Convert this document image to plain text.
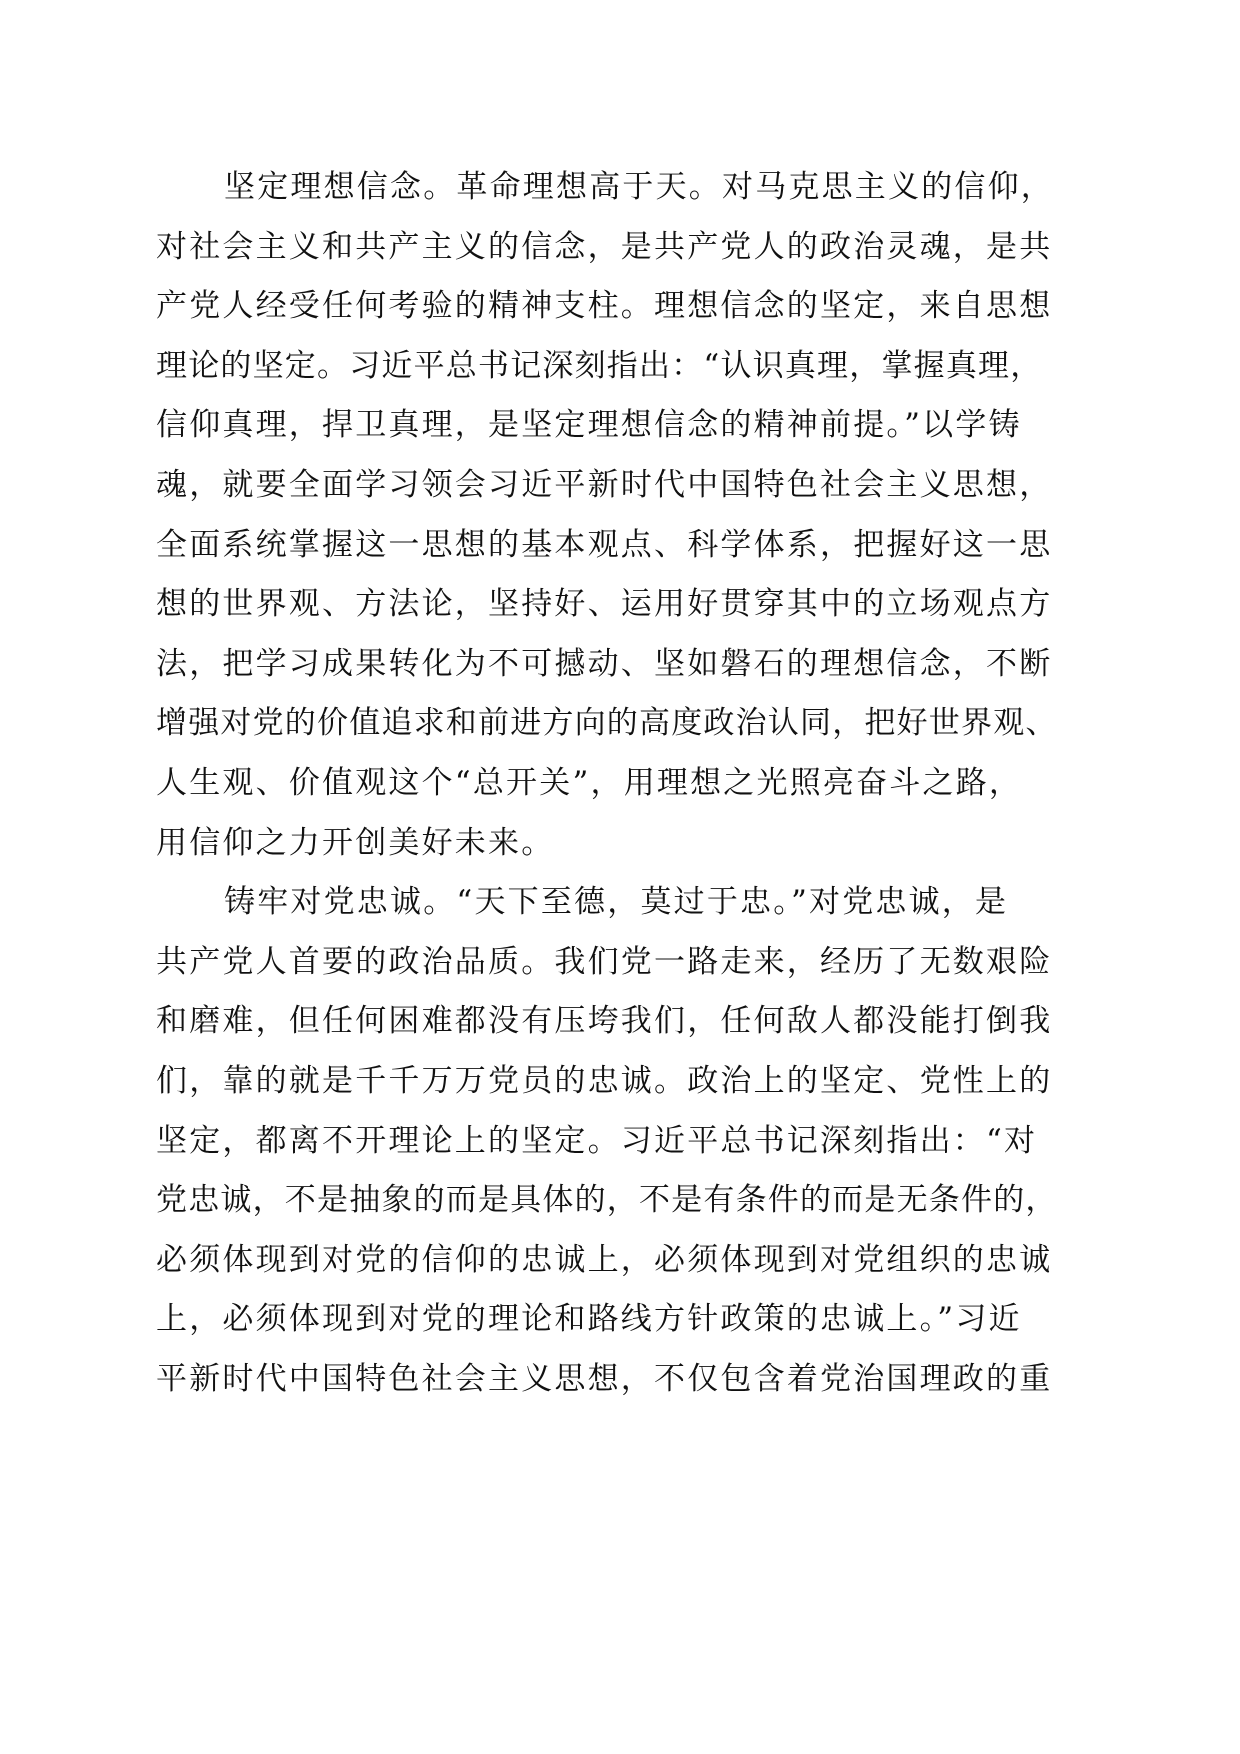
坚定理想信念。革命理想高于天。对马克思主义的信仰，
对社会主义和共产主义的信念，是共产党人的政治灵魂，是共
产党人经受任何考验的精神支柱。理想信念的坚定，来自思想
理论的坚定。习近平总书记深刻指出：“认识真理，掌握真理，
信仰真理，捍卫真理，是坚定理想信念的精神前提。”以学铸
魂，就要全面学习领会习近平新时代中国特色社会主义思想，
全面系统掌握这一思想的基本观点、科学体系，把握好这一思
想的世界观、方法论，坚持好、运用好贯穿其中的立场观点方
法，把学习成果转化为不可撼动、坚如磐石的理想信念，不断
增强对党的价值追求和前进方向的高度政治认同，把好世界观、
人生观、价值观这个“总开关”，用理想之光照亮奋斗之路，
用信仰之力开创美好未来。
铸牢对党忠诚。“天下至德，莫过于忠。”对党忠诚，是
共产党人首要的政治品质。我们党一路走来，经历了无数艰险
和磨难，但任何困难都没有压垮我们，任何敌人都没能打倒我
们，靠的就是千千万万党员的忠诚。政治上的坚定、党性上的
坚定，都离不开理论上的坚定。习近平总书记深刻指出：“对
党忠诚，不是抽象的而是具体的，不是有条件的而是无条件的，
必须体现到对党的信仰的忠诚上，必须体现到对党组织的忠诚
上，必须体现到对党的理论和路线方针政策的忠诚上。”习近
平新时代中国特色社会主义思想，不仅包含着党治国理政的重
